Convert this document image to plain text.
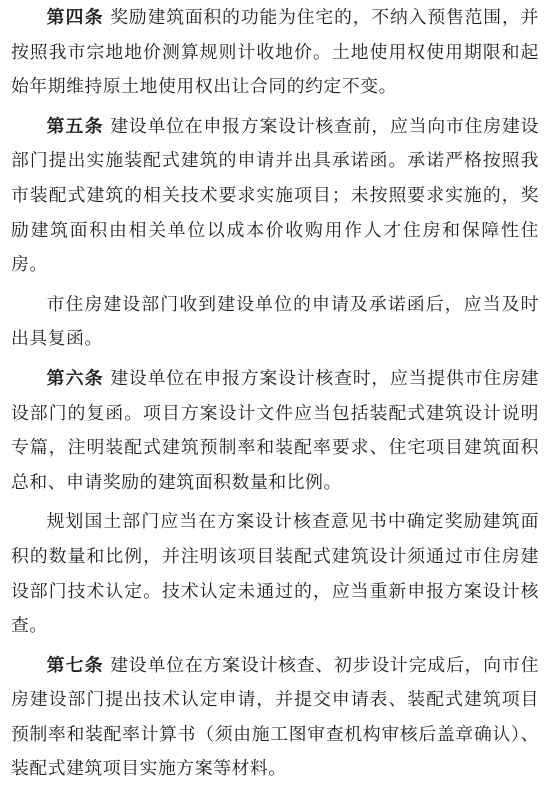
第四条 奖励建筑面积的功能为住宅的，不纳入预售范围，并按照我市宗地地价测算规则计收地价。土地使用权使用期限和起始年期维持原土地使用权出让合同的约定不变。

第五条 建设单位在申报方案设计核查前，应当向市住房建设部门提出实施装配式建筑的申请并出具承诺函。承诺严格按照我市装配式建筑的相关技术要求实施项目；未按照要求实施的，奖励建筑面积由相关单位以成本价收购用作人才住房和保障性住房。

市住房建设部门收到建设单位的申请及承诺函后，应当及时出具复函。

第六条 建设单位在申报方案设计核查时，应当提供市住房建设部门的复函。项目方案设计文件应当包括装配式建筑设计说明专篇，注明装配式建筑预制率和装配率要求、住宅项目建筑面积总和、申请奖励的建筑面积数量和比例。

规划国土部门应当在方案设计核查意见书中确定奖励建筑面积的数量和比例，并注明该项目装配式建筑设计须通过市住房建设部门技术认定。技术认定未通过的，应当重新申报方案设计核查。

第七条 建设单位在方案设计核查、初步设计完成后，向市住房建设部门提出技术认定申请，并提交申请表、装配式建筑项目预制率和装配率计算书（须由施工图审查机构审核后盖章确认）、装配式建筑项目实施方案等材料。
